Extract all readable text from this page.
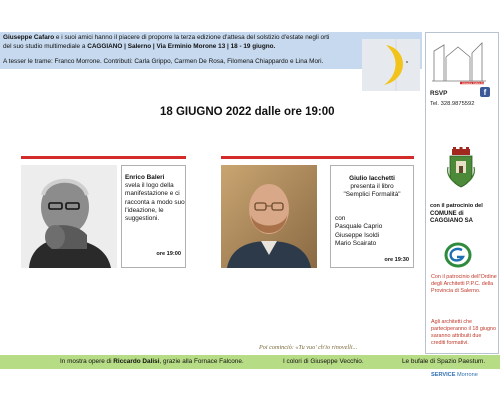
Giuseppe Cafaro e i suoi amici hanno il piacere di proporre la terza edizione d'attesa del solstizio d'estate negli orti
del suo studio multimediale a CAGGIANO | Salerno | Via Erminio Morone 13 | 18 - 19 giugno.
A tesser le trame: Franco Morrone. Contributi: Carla Grippo, Carmen De Rosa, Filomena Chiappardo e Lina Mori.
Giuseppe Cafaro Architetto
RSVP	f
Tel. 328.9875592
con il patrocinio del
COMUNE di
CAGGIANO SA
Con il patrocinio dell'Ordine degli Architetti P.P.C. della Provincia di Salerno.
Agli architetti che parteciperanno il 18 giugno saranno attribuiti due crediti formativi.
SERVICE Morrone
18 GIUGNO 2022 dalle ore 19:00
Enrico Baleri
svela il logo della manifestazione e ci racconta a modo suo l'ideazione, le suggestioni.
ore 19:00
Giulio Iacchetti
presenta il libro
"Semplici Formalità"
con
Pasquale Caprio
Giuseppe Isoldi
Mario Scairato
ore 19:30
Poi cominciò: «Tu vuo' ch'io rinovelli...
In mostra opere di Riccardo Dalisi, grazie alla Fornace Falcone.	I colori di Giuseppe Vecchio.	Le bufale di Spazio Paestum.
